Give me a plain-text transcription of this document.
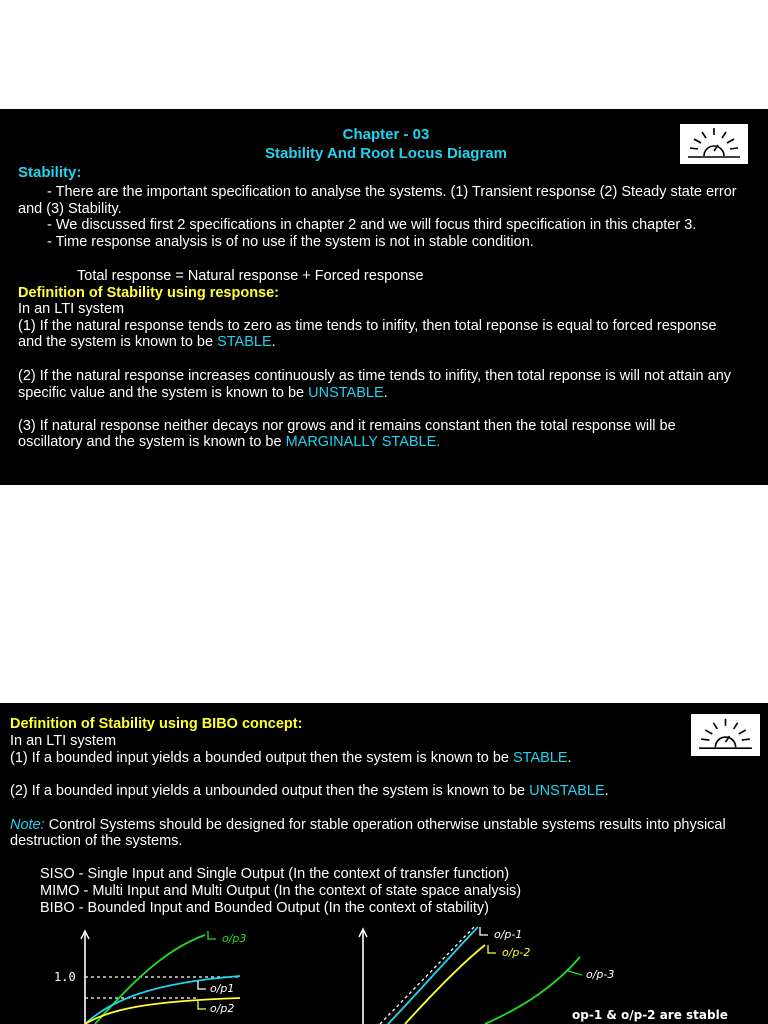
Chapter - 03
Stability And Root Locus Diagram
Stability:
- There are the important specification to analyse the systems. (1) Transient response (2) Steady state error
and (3) Stability.
- We discussed first 2 specifications in chapter 2 and we will focus third specification in this chapter 3.
- Time response analysis is of no use if the system is not in stable condition.
Total response = Natural response + Forced response
Definition of Stability using response:
In an LTI system
(1) If the natural response tends to zero as time tends to inifity, then total reponse is equal to forced response
and the system is known to be STABLE.
(2) If the natural response increases continuously as time tends to inifity, then total reponse is will not attain any
specific value and the system is known to be UNSTABLE.
(3) If natural response neither decays nor grows and it remains constant then the total response will be
oscillatory and the system is known to be MARGINALLY STABLE.
Definition of Stability using BIBO concept:
In an LTI system
(1) If a bounded input yields a bounded output then the system is known to be STABLE.
(2) If a bounded input yields a unbounded output then the system is known to be UNSTABLE.
Note: Control Systems should be designed for stable operation otherwise unstable systems results into physical
destruction of the systems.
SISO - Single Input and Single Output (In the context of transfer function)
MIMO - Multi Input and Multi Output (In the context of state space analysis)
BIBO - Bounded Input and Bounded Output (In the context of stability)
1.0
o/p3
o/p1
o/p2
o/p-1
o/p-2
o/p-3
op-1 & o/p-2 are stable
